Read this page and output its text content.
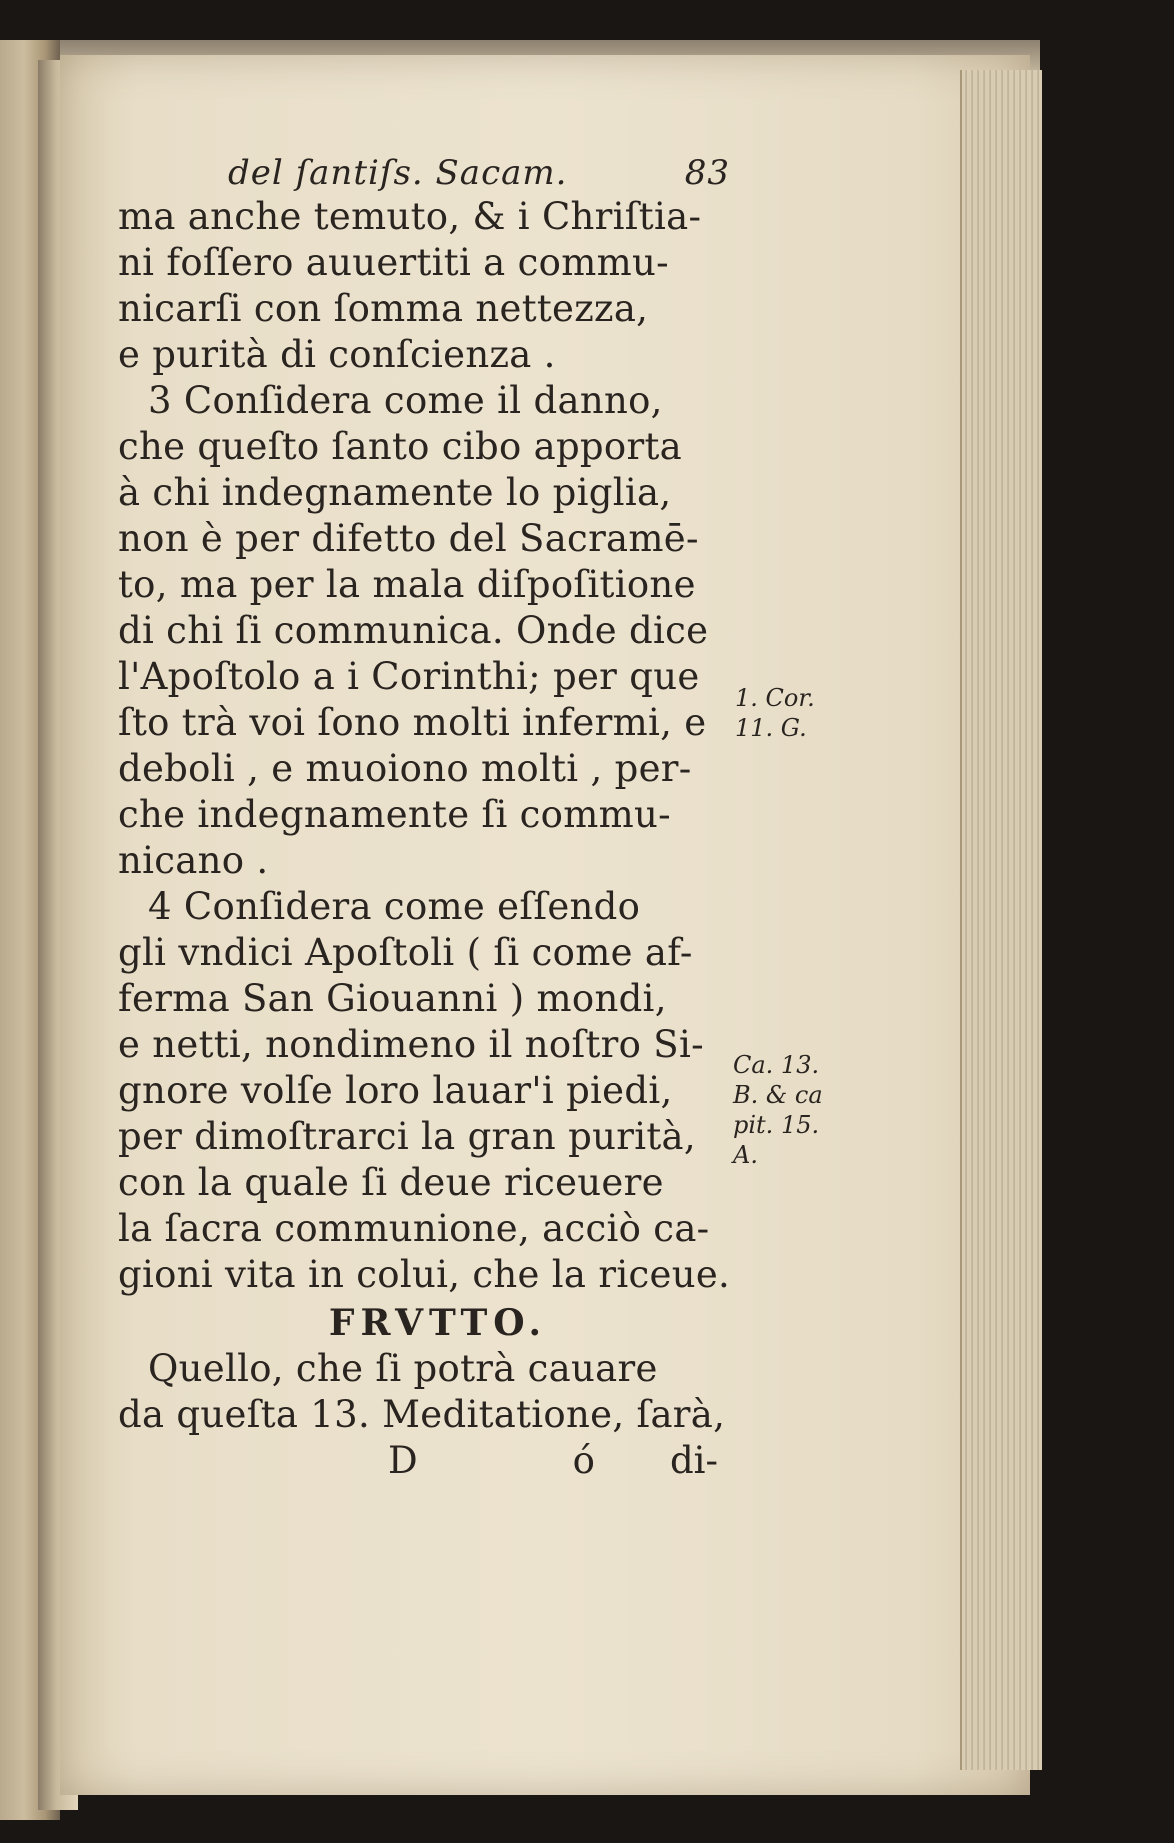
del ſantiſs. Sacam.	83
ma anche temuto, & i Chriſtia-
ni foſſero auuertiti a commu-
nicarſi con ſomma nettezza,
e purità di conſcienza .
3 Conſidera come il danno,
che queſto ſanto cibo apporta
à chi indegnamente lo piglia,
non è per difetto del Sacramē-
to, ma per la mala diſpoſitione
di chi ſi communica. Onde dice
l'Apoſtolo a i Corinthi; per que
ſto trà voi ſono molti infermi, e
deboli , e muoiono molti , per-
che indegnamente ſi commu-
nicano .
4 Conſidera come eſſendo
gli vndici Apoſtoli ( ſi come af-
ferma San Giouanni ) mondi,
e netti, nondimeno il noſtro Si-
gnore volſe loro lauar'i piedi,
per dimoſtrarci la gran purità,
con la quale ſi deue riceuere
la ſacra communione, acciò ca-
gioni vita in colui, che la riceue.
FRVTTO.
Quello, che ſi potrà cauare
da queſta 13. Meditatione, ſarà,
D	ó di-
1. Cor.
11. G.
Ca. 13.
B. & ca
pit. 15.
A.
